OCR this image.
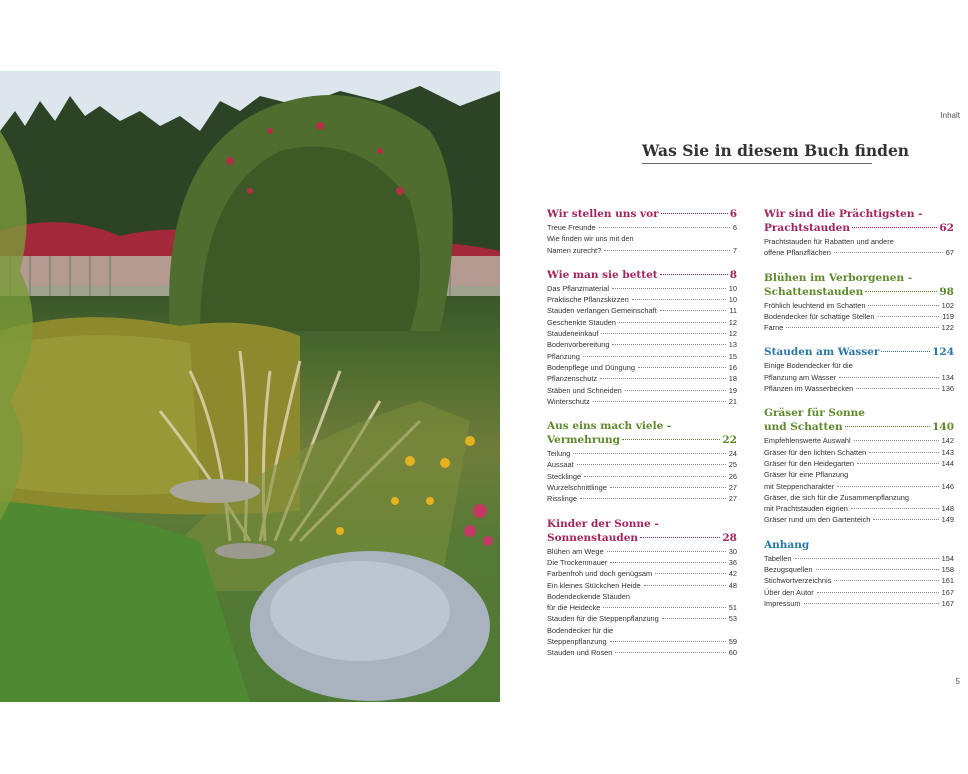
Inhalt
Was Sie in diesem Buch finden
Wir stellen uns vor	6
Treue Freunde	6
Wie finden wir uns mit den
Namen zurecht?	7
Wie man sie bettet	8
Das Pflanzmaterial	10
Praktische Pflanzskizzen	10
Stauden verlangen Gemeinschaft	11
Geschenkte Stauden	12
Staudeneinkauf	12
Bodenvorbereitung	13
Pflanzung	15
Bodenpflege und Düngung	16
Pflanzenschutz	18
Stäben und Schneiden	19
Winterschutz	21
Aus eins mach viele -
Vermehrung	22
Teilung	24
Aussaat	25
Stecklinge	26
Wurzelschnittlinge	27
Risslinge	27
Kinder der Sonne -
Sonnenstauden	28
Blühen am Wege	30
Die Trockenmauer	36
Farbenfroh und doch genügsam	42
Ein kleines Stückchen Heide	48
Bodendeckende Stauden
für die Heidecke	51
Stauden für die Steppenpflanzung	53
Bodendecker für die
Steppenpflanzung	59
Stauden und Rosen	60
Wir sind die Prächtigsten -
Prachtstauden	62
Prachtstauden für Rabatten und andere
offene Pflanzflächen	67
Blühen im Verborgenen -
Schattenstauden	98
Fröhlich leuchtend im Schatten	102
Bodendecker für schattige Stellen	119
Farne	122
Stauden am Wasser	124
Einige Bodendecker für die
Pflanzung am Wasser	134
Pflanzen im Wasserbecken	136
Gräser für Sonne
und Schatten	140
Empfehlenswerte Auswahl	142
Gräser für den lichten Schatten	143
Gräser für den Heidegarten	144
Gräser für eine Pflanzung
mit Steppencharakter	146
Gräser, die sich für die Zusammenpflanzung
mit Prachtstauden eignen	148
Gräser rund um den Gartenteich	149
Anhang
Tabellen	154
Bezugsquellen	158
Stichwortverzeichnis	161
Über den Autor	167
Impressum	167
5
